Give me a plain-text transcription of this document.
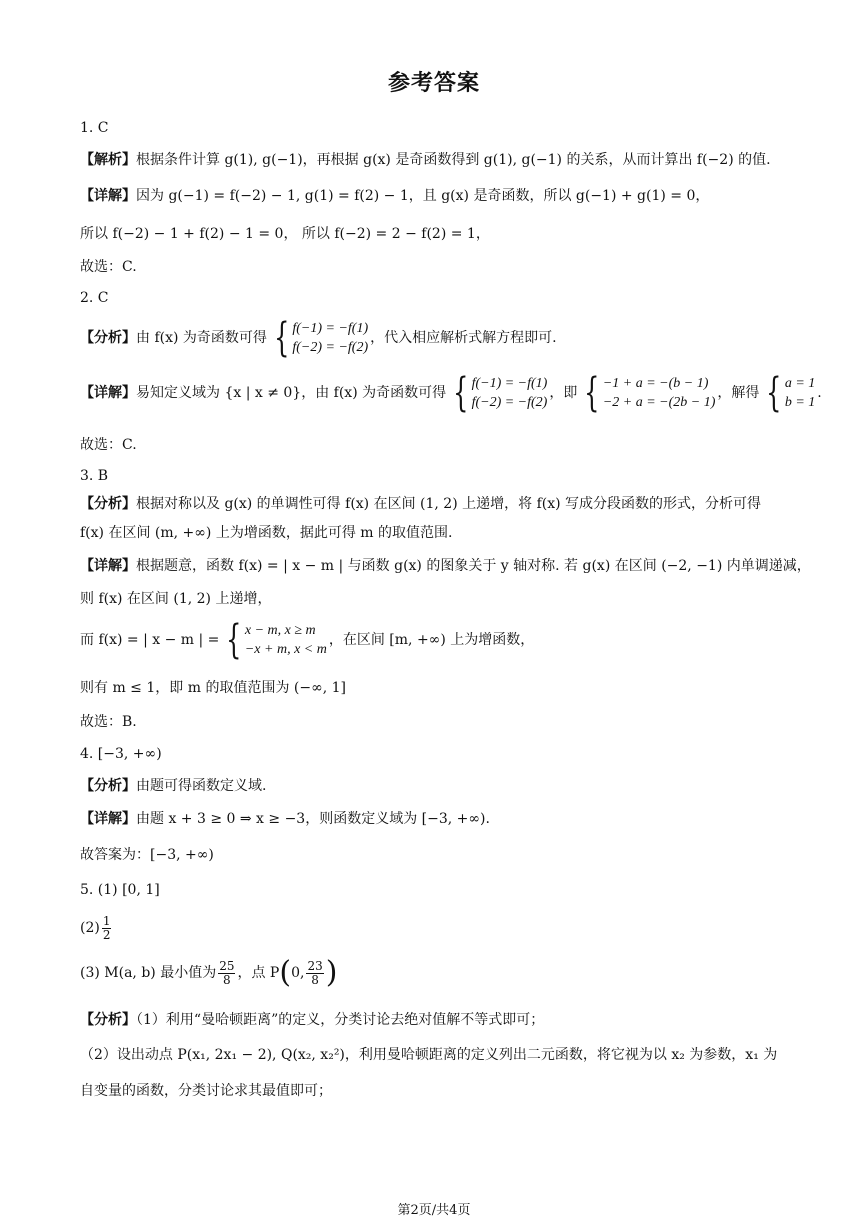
参考答案
1. C
【解析】根据条件计算 g(1), g(−1)，再根据 g(x) 是奇函数得到 g(1), g(−1) 的关系，从而计算出 f(−2) 的值.
【详解】因为 g(−1) = f(−2) − 1, g(1) = f(2) − 1，且 g(x) 是奇函数，所以 g(−1) + g(1) = 0，
所以 f(−2) − 1 + f(2) − 1 = 0， 所以 f(−2) = 2 − f(2) = 1，
故选：C.
2. C
【分析】由 f(x) 为奇函数可得 { f(−1) = −f(1)
f(−2) = −f(2)
，代入相应解析式解方程即可.
【详解】易知定义域为 {x | x ≠ 0}，由 f(x) 为奇函数可得 { f(−1) = −f(1)
f(−2) = −f(2)
，即 { −1 + a = −(b − 1)
−2 + a = −(2b − 1)
，解得 { a = 1
b = 1
.
故选：C.
3. B
【分析】根据对称以及 g(x) 的单调性可得 f(x) 在区间 (1, 2) 上递增，将 f(x) 写成分段函数的形式，分析可得
f(x) 在区间 (m, +∞) 上为增函数，据此可得 m 的取值范围.
【详解】根据题意，函数 f(x) = | x − m | 与函数 g(x) 的图象关于 y 轴对称. 若 g(x) 在区间 (−2, −1) 内单调递减，
则 f(x) 在区间 (1, 2) 上递增，
而 f(x) = | x − m | = { x − m, x ≥ m
−x + m, x < m
，在区间 [m, +∞) 上为增函数，
则有 m ≤ 1，即 m 的取值范围为 (−∞, 1]
故选：B.
4. [−3, +∞)
【分析】由题可得函数定义域.
【详解】由题 x + 3 ≥ 0 ⇒ x ≥ −3，则函数定义域为 [−3, +∞).
故答案为：[−3, +∞)
5. (1) [0, 1]
$(2) \frac{1}{2}$
(3) M(a, b) 最小值为 $\frac{25}{8}$ ，点 P(0, $\frac{23}{8}$ )
【分析】（1）利用“曼哈顿距离”的定义，分类讨论去绝对值解不等式即可；
（2）设出动点 P(x₁, 2x₁ − 2), Q(x₂, x₂²)，利用曼哈顿距离的定义列出二元函数，将它视为以 x₂ 为参数，x₁ 为
自变量的函数，分类讨论求其最值即可；
第2页/共4页
